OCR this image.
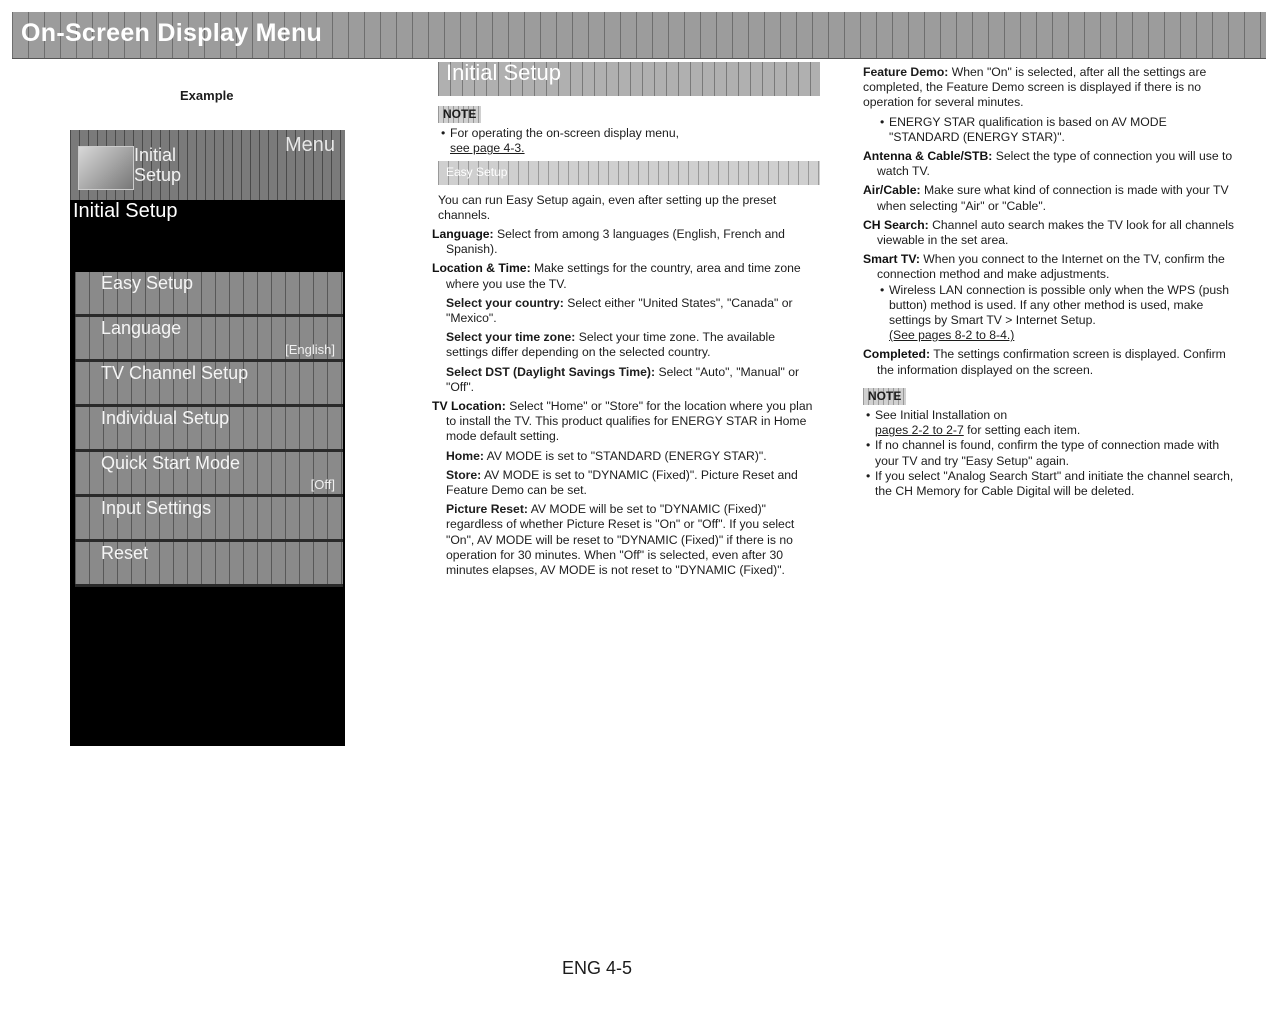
On-Screen Display Menu
Example
Initial
Setup
Menu
Initial Setup
Easy Setup
Language
[English]
TV Channel Setup
Individual Setup
Quick Start Mode
[Off]
Input Settings
Reset
Initial Setup
NOTE
• For operating the on-screen display menu,
see page 4-3.
Easy Setup

You can run Easy Setup again, even after setting up the preset channels.

Language: Select from among 3 languages (English, French and Spanish).

Location & Time: Make settings for the country, area and time zone where you use the TV.

Select your country: Select either "United States", "Canada" or "Mexico".

Select your time zone: Select your time zone. The available settings differ depending on the selected country.

Select DST (Daylight Savings Time): Select "Auto", "Manual" or "Off".

TV Location: Select "Home" or "Store" for the location where you plan to install the TV. This product qualifies for ENERGY STAR in Home mode default setting.

Home: AV MODE is set to "STANDARD (ENERGY STAR)".

Store: AV MODE is set to "DYNAMIC (Fixed)". Picture Reset and Feature Demo can be set.

Picture Reset: AV MODE will be set to "DYNAMIC (Fixed)" regardless of whether Picture Reset is "On" or "Off". If you select "On", AV MODE will be reset to "DYNAMIC (Fixed)" if there is no operation for 30 minutes. When "Off" is selected, even after 30 minutes elapses, AV MODE is not reset to "DYNAMIC (Fixed)".

Feature Demo: When "On" is selected, after all the settings are completed, the Feature Demo screen is displayed if there is no operation for several minutes.

• ENERGY STAR qualification is based on AV MODE "STANDARD (ENERGY STAR)".

Antenna & Cable/STB: Select the type of connection you will use to watch TV.

Air/Cable: Make sure what kind of connection is made with your TV when selecting "Air" or "Cable".

CH Search: Channel auto search makes the TV look for all channels viewable in the set area.

Smart TV: When you connect to the Internet on the TV, confirm the connection method and make adjustments.

• Wireless LAN connection is possible only when the WPS (push button) method is used. If any other method is used, make settings by Smart TV > Internet Setup.
(See pages 8-2 to 8-4.)

Completed: The settings confirmation screen is displayed. Confirm the information displayed on the screen.

NOTE
• See Initial Installation on
pages 2-2 to 2-7 for setting each item.
• If no channel is found, confirm the type of connection made with your TV and try "Easy Setup" again.
• If you select "Analog Search Start" and initiate the channel search, the CH Memory for Cable Digital will be deleted.
ENG 4-5
